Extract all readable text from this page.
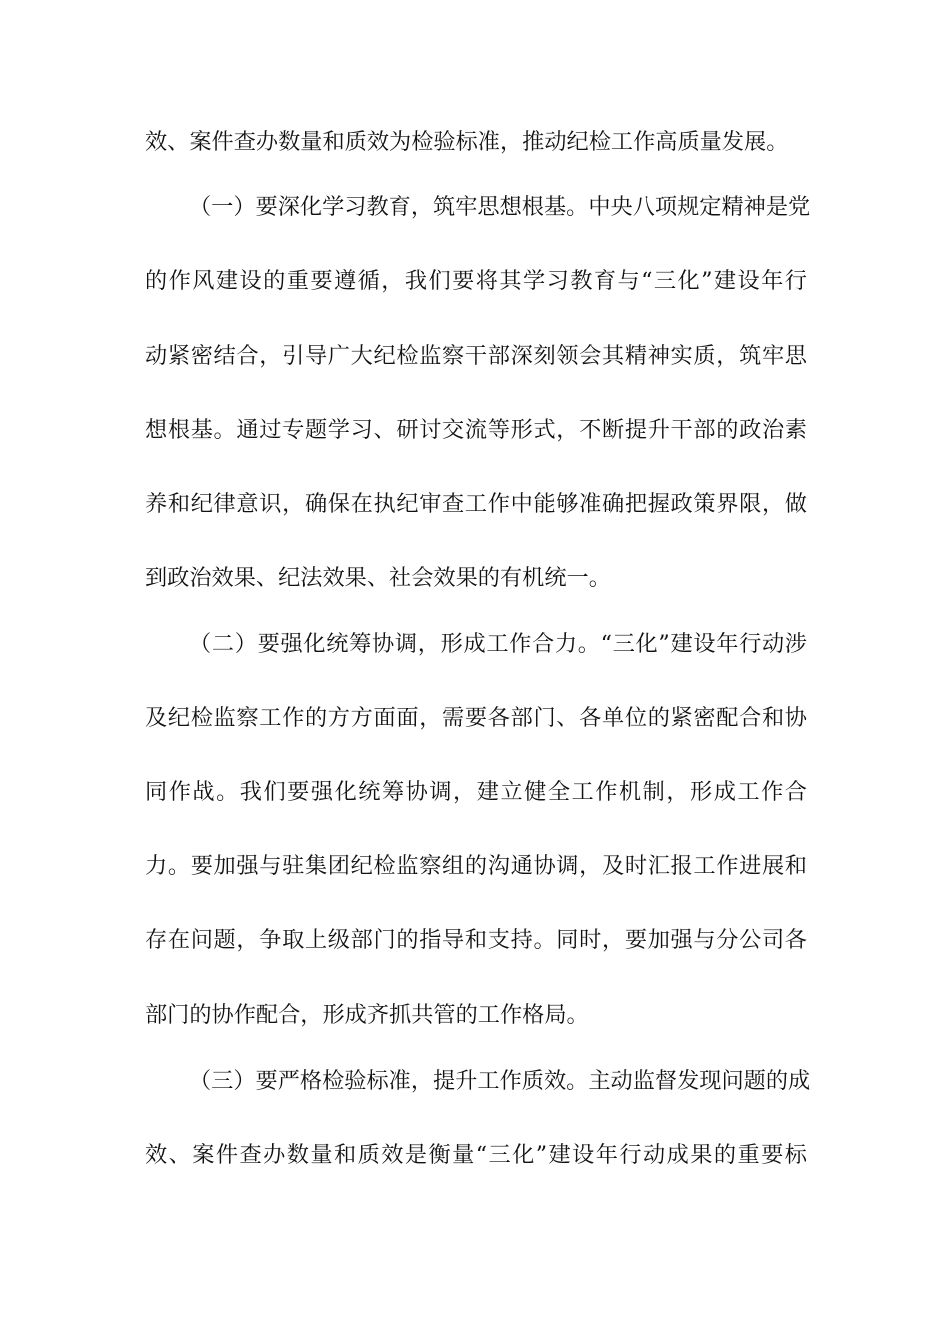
效、案件查办数量和质效为检验标准，推动纪检工作高质量发展。
（一）要深化学习教育，筑牢思想根基。中央八项规定精神是党
的作风建设的重要遵循，我们要将其学习教育与“三化”建设年行
动紧密结合，引导广大纪检监察干部深刻领会其精神实质，筑牢思
想根基。通过专题学习、研讨交流等形式，不断提升干部的政治素
养和纪律意识，确保在执纪审查工作中能够准确把握政策界限，做
到政治效果、纪法效果、社会效果的有机统一。
（二）要强化统筹协调，形成工作合力。“三化”建设年行动涉
及纪检监察工作的方方面面，需要各部门、各单位的紧密配合和协
同作战。我们要强化统筹协调，建立健全工作机制，形成工作合
力。要加强与驻集团纪检监察组的沟通协调，及时汇报工作进展和
存在问题，争取上级部门的指导和支持。同时，要加强与分公司各
部门的协作配合，形成齐抓共管的工作格局。
（三）要严格检验标准，提升工作质效。主动监督发现问题的成
效、案件查办数量和质效是衡量“三化”建设年行动成果的重要标
